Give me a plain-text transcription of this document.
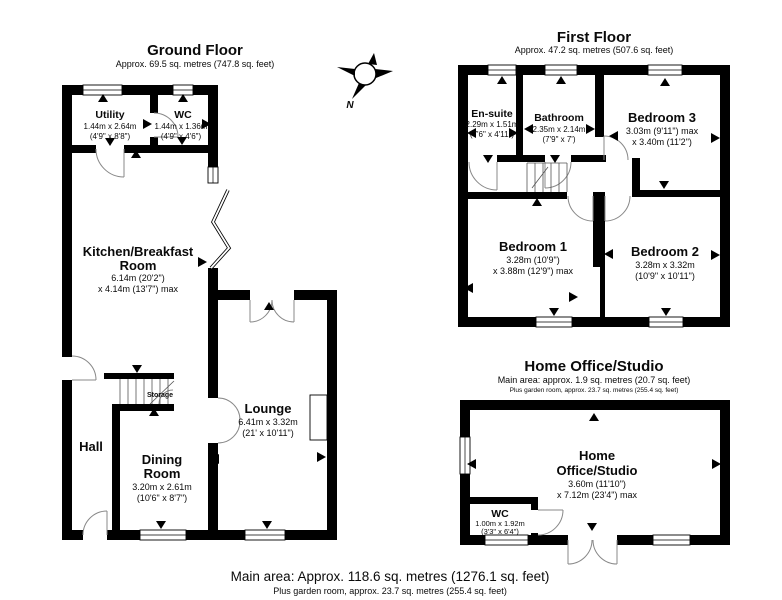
Ground Floor
Approx. 69.5 sq. metres (747.8 sq. feet)
Utility
1.44m x 2.64m
(4'9" x 8'8")
WC
1.44m x 1.36m
(4'9" x 4'6")
Kitchen/Breakfast
Room
6.14m (20'2")
x 4.14m (13'7") max
Lounge
6.41m x 3.32m
(21' x 10'11")
Dining
Room
3.20m x 2.61m
(10'6" x 8'7")
Hall
Storage
N
First Floor
Approx. 47.2 sq. metres (507.6 sq. feet)
En-suite
2.29m x 1.51m
(7'6" x 4'11")
Bathroom
2.35m x 2.14m
(7'9" x 7')
Bedroom 3
3.03m (9'11") max
x 3.40m (11'2")
Bedroom 1
3.28m (10'9")
x 3.88m (12'9") max
Bedroom 2
3.28m x 3.32m
(10'9" x 10'11")
Home Office/Studio
Main area: approx. 1.9 sq. metres (20.7 sq. feet)
Plus garden room, approx. 23.7 sq. metres (255.4 sq. feet)
Home
Office/Studio
3.60m (11'10")
x 7.12m (23'4") max
WC
1.00m x 1.92m
(3'3" x 6'4")
Main area: Approx. 118.6 sq. metres (1276.1 sq. feet)
Plus garden room, approx. 23.7 sq. metres (255.4 sq. feet)
